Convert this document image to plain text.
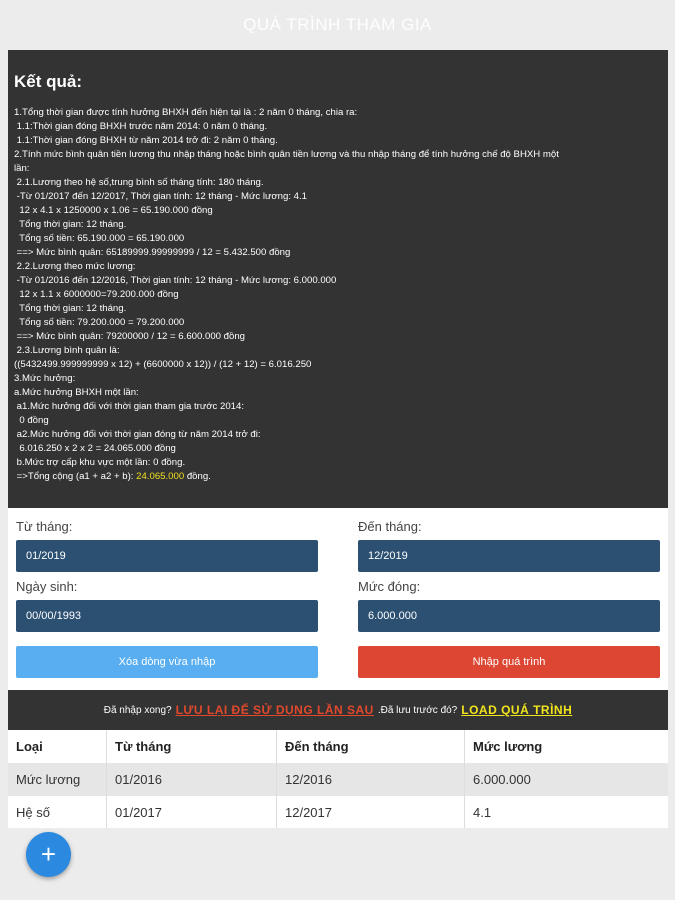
QUÁ TRÌNH THAM GIA
Kết quả:
1.Tổng thời gian được tính hưởng BHXH đến hiện tại là : 2 năm 0 tháng, chia ra:
1.1:Thời gian đóng BHXH trước năm 2014: 0 năm 0 tháng.
1.1:Thời gian đóng BHXH từ năm 2014 trở đi: 2 năm 0 tháng.
2.Tính mức bình quân tiền lương thu nhập tháng hoặc bình quân tiền lương và thu nhập tháng để tính hưởng chế độ BHXH một
lần:
2.1.Lương theo hệ số,trung bình số tháng tính: 180 tháng.
-Từ 01/2017 đến 12/2017, Thời gian tính: 12 tháng - Mức lương: 4.1
12 x 4.1 x 1250000 x 1.06 = 65.190.000 đồng
Tổng thời gian: 12 tháng.
Tổng số tiền: 65.190.000 = 65.190.000
==> Mức bình quân: 65189999.99999999 / 12 = 5.432.500 đồng
2.2.Lương theo mức lương:
-Từ 01/2016 đến 12/2016, Thời gian tính: 12 tháng - Mức lương: 6.000.000
12 x 1.1 x 6000000=79.200.000 đồng
Tổng thời gian: 12 tháng.
Tổng số tiền: 79.200.000 = 79.200.000
==> Mức bình quân: 79200000 / 12 = 6.600.000 đồng
2.3.Lương bình quân là:
((5432499.999999999 x 12) + (6600000 x 12)) / (12 + 12) = 6.016.250
3.Mức hưởng:
a.Mức hưởng BHXH một lần:
a1.Mức hưởng đối với thời gian tham gia trước 2014:
0 đồng
a2.Mức hưởng đối với thời gian đóng từ năm 2014 trở đi:
6.016.250 x 2 x 2 = 24.065.000 đồng
b.Mức trợ cấp khu vực một lần: 0 đồng.
=>Tổng cộng (a1 + a2 + b): 24.065.000 đồng.
Từ tháng:
01/2019
Đến tháng:
12/2019
Ngày sinh:
00/00/1993
Mức đóng:
6.000.000
Xóa dòng vừa nhập	Nhập quá trình
Đã nhập xong? LƯU LẠI ĐỂ SỬ DỤNG LẦN SAU .Đã lưu trước đó? LOAD QUÁ TRÌNH
Loại	Từ tháng	Đến tháng	Mức lương
Mức lương	01/2016	12/2016	6.000.000
Hệ số	01/2017	12/2017	4.1
+
